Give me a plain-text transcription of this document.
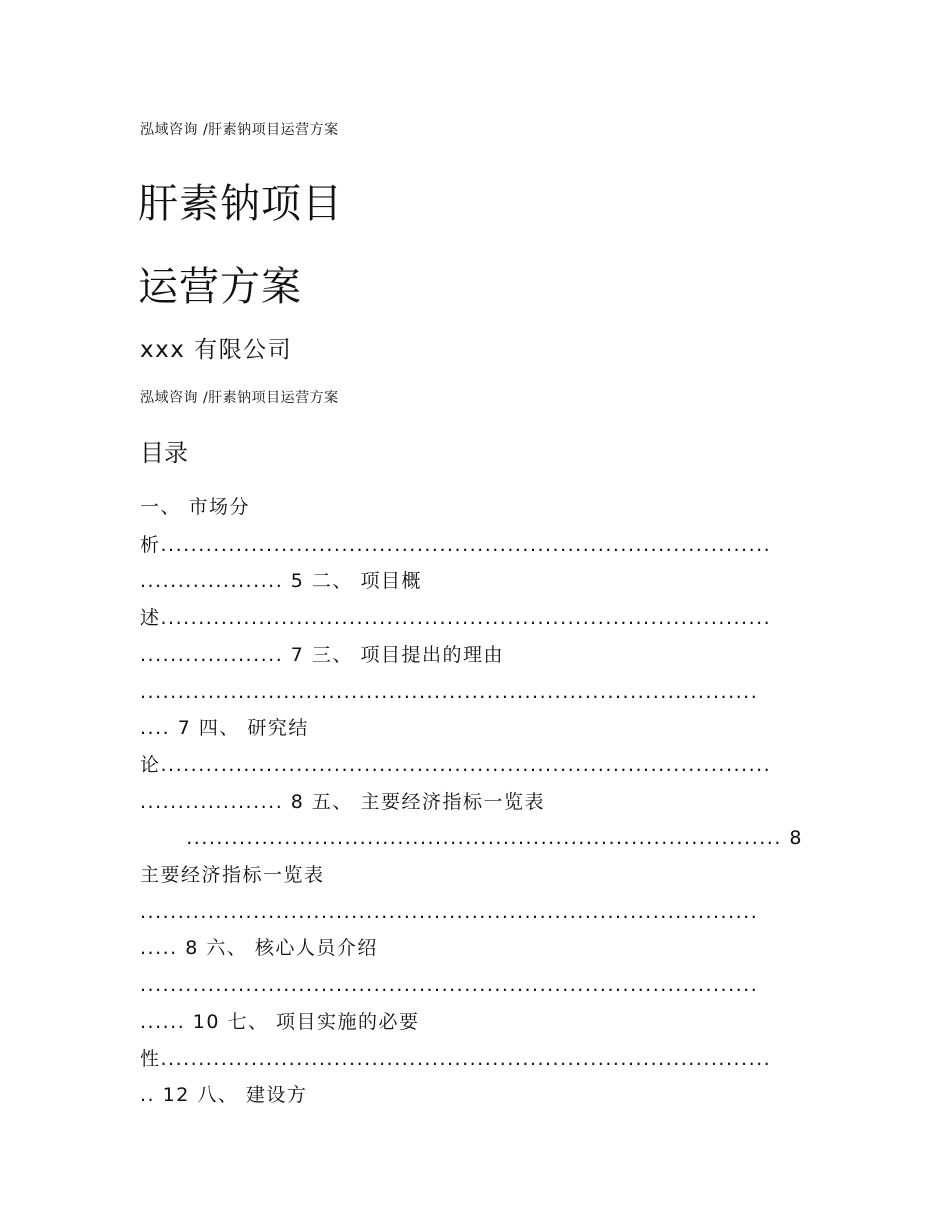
泓域咨询 /肝素钠项目运营方案
肝素钠项目
运营方案
xxx 有限公司
泓域咨询 /肝素钠项目运营方案
目录
一、 市场分
析.................................................................................
................... 5 二、 项目概
述.................................................................................
................... 7 三、 项目提出的理由
..................................................................................
.... 7 四、 研究结
论.................................................................................
................... 8 五、 主要经济指标一览表
............................................................................... 8
主要经济指标一览表
..................................................................................
..... 8 六、 核心人员介绍
..................................................................................
...... 10 七、 项目实施的必要
性.................................................................................
.. 12 八、 建设方
